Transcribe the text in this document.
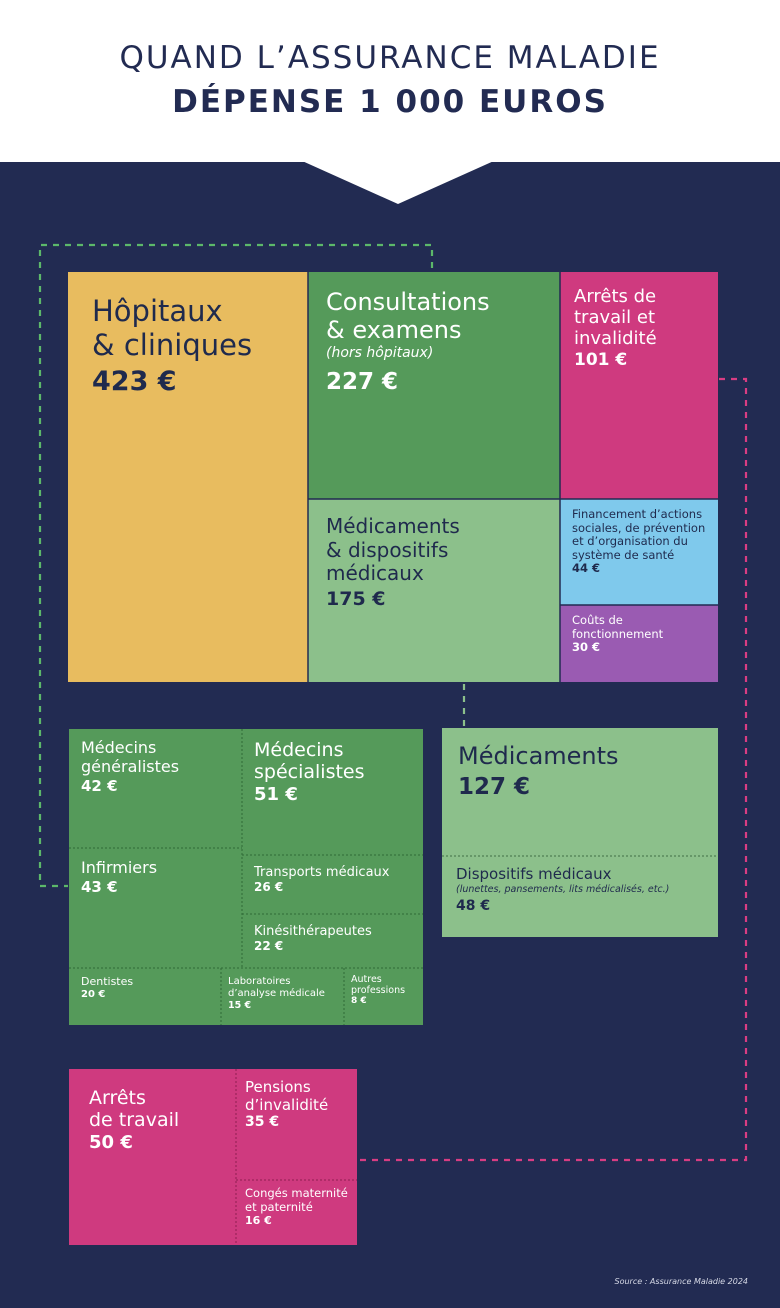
QUAND L’ASSURANCE MALADIE
DÉPENSE 1 000 EUROS
Hôpitaux
& cliniques
423 €
Consultations
& examens
(hors hôpitaux)
227 €
Arrêts de
travail et
invalidité
101 €
Médicaments
& dispositifs
médicaux
175 €
Financement d’actions
sociales, de prévention
et d’organisation du
système de santé
44 €
Coûts de
fonctionnement
30 €
Médecins
généralistes
42 €
Médecins
spécialistes
51 €
Infirmiers
43 €
Transports médicaux
26 €
Kinésithérapeutes
22 €
Dentistes
20 €
Laboratoires
d’analyse médicale
15 €
Autres
professions
8 €
Médicaments
127 €
Dispositifs médicaux
(lunettes, pansements, lits médicalisés, etc.)
48 €
Arrêts
de travail
50 €
Pensions
d’invalidité
35 €
Congés maternité
et paternité
16 €
Source : Assurance Maladie 2024
